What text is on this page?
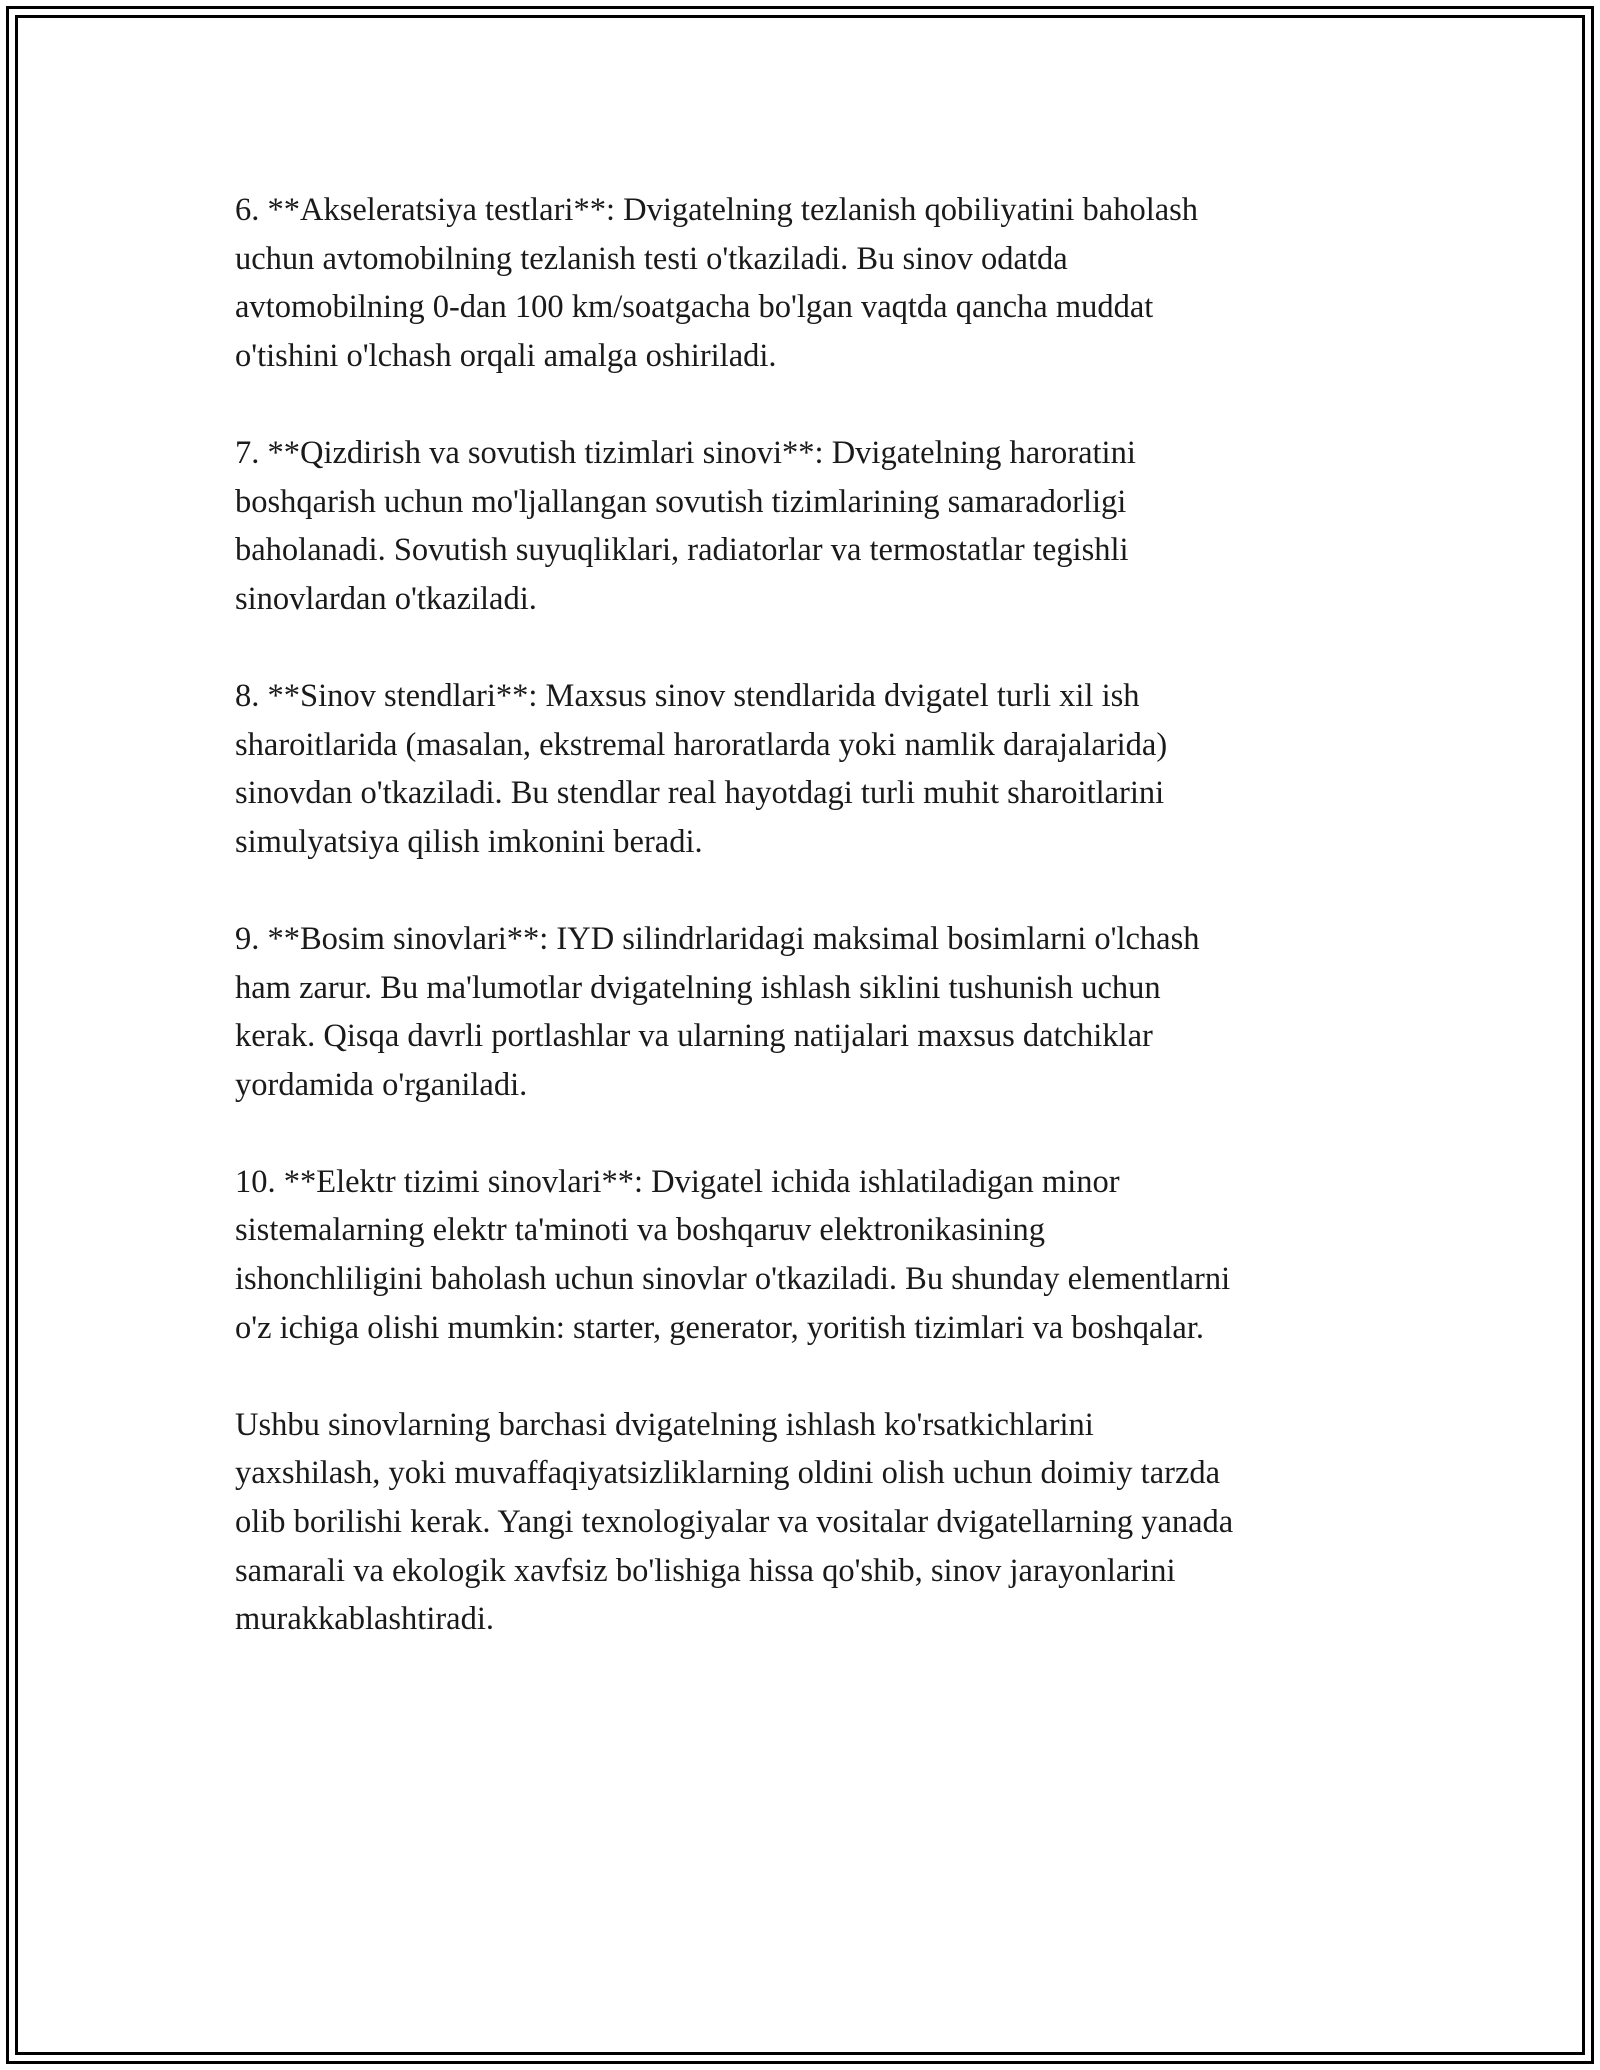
6. **Akseleratsiya testlari**: Dvigatelning tezlanish qobiliyatini baholash
uchun avtomobilning tezlanish testi o'tkaziladi. Bu sinov odatda
avtomobilning 0-dan 100 km/soatgacha bo'lgan vaqtda qancha muddat
o'tishini o'lchash orqali amalga oshiriladi.

7. **Qizdirish va sovutish tizimlari sinovi**: Dvigatelning haroratini
boshqarish uchun mo'ljallangan sovutish tizimlarining samaradorligi
baholanadi. Sovutish suyuqliklari, radiatorlar va termostatlar tegishli
sinovlardan o'tkaziladi.

8. **Sinov stendlari**: Maxsus sinov stendlarida dvigatel turli xil ish
sharoitlarida (masalan, ekstremal haroratlarda yoki namlik darajalarida)
sinovdan o'tkaziladi. Bu stendlar real hayotdagi turli muhit sharoitlarini
simulyatsiya qilish imkonini beradi.

9. **Bosim sinovlari**: IYD silindrlaridagi maksimal bosimlarni o'lchash
ham zarur. Bu ma'lumotlar dvigatelning ishlash siklini tushunish uchun
kerak. Qisqa davrli portlashlar va ularning natijalari maxsus datchiklar
yordamida o'rganiladi.

10. **Elektr tizimi sinovlari**: Dvigatel ichida ishlatiladigan minor
sistemalarning elektr ta'minoti va boshqaruv elektronikasining
ishonchliligini baholash uchun sinovlar o'tkaziladi. Bu shunday elementlarni
o'z ichiga olishi mumkin: starter, generator, yoritish tizimlari va boshqalar.

Ushbu sinovlarning barchasi dvigatelning ishlash ko'rsatkichlarini
yaxshilash, yoki muvaffaqiyatsizliklarning oldini olish uchun doimiy tarzda
olib borilishi kerak. Yangi texnologiyalar va vositalar dvigatellarning yanada
samarali va ekologik xavfsiz bo'lishiga hissa qo'shib, sinov jarayonlarini
murakkablashtiradi.
